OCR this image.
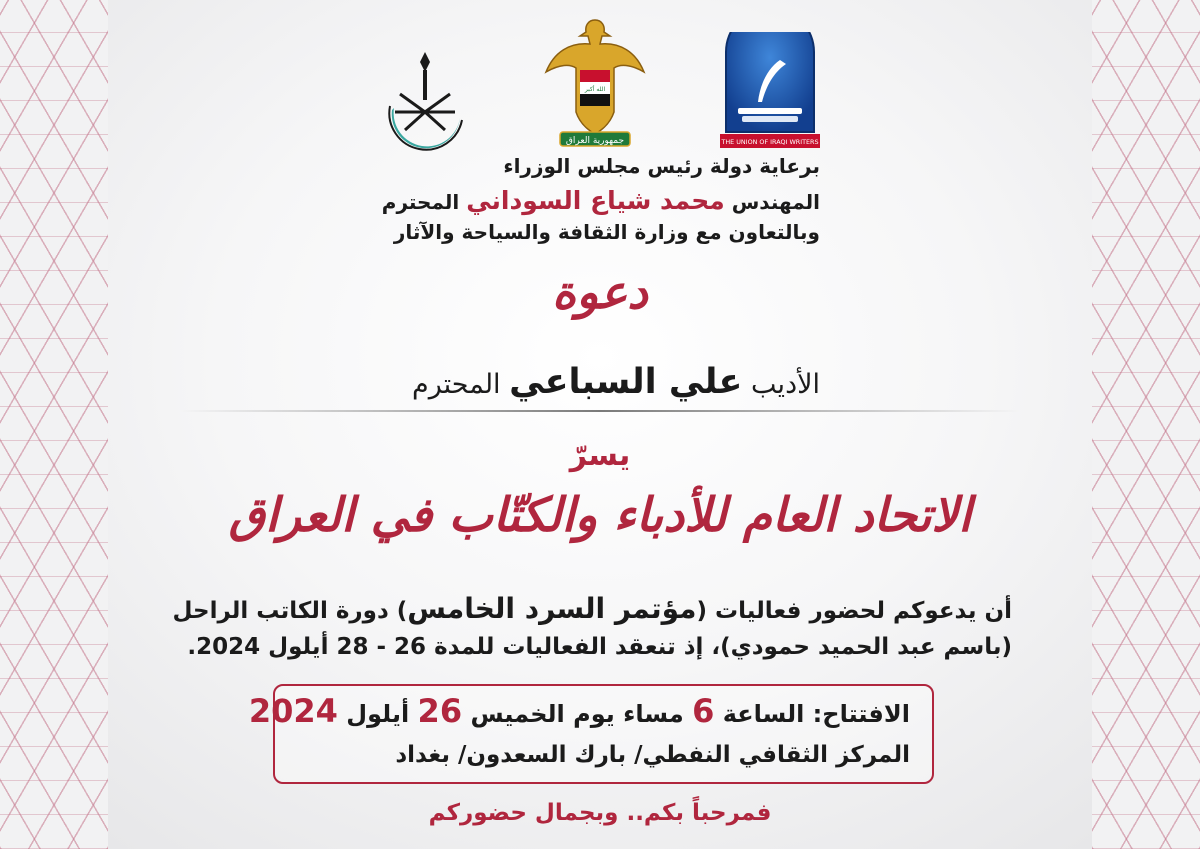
الله أكبر
جمهورية العراق	THE UNION OF IRAQI WRITERS
برعاية دولة رئيس مجلس الوزراء
المهندس محمد شياع السوداني المحترم
وبالتعاون مع وزارة الثقافة والسياحة والآثار
دعوة
الأديب علي السباعي المحترم
يسرّ
الاتحاد العام للأدباء والكتّاب في العراق
أن يدعوكم لحضور فعاليات (مؤتمر السرد الخامس) دورة الكاتب الراحل
(باسم عبد الحميد حمودي)، إذ تنعقد الفعاليات للمدة 26 - 28 أيلول 2024.
الافتتاح: الساعة 6 مساء يوم الخميس 26 أيلول 2024
المركز الثقافي النفطي/ بارك السعدون/ بغداد
فمرحباً بكم.. وبجمال حضوركم
